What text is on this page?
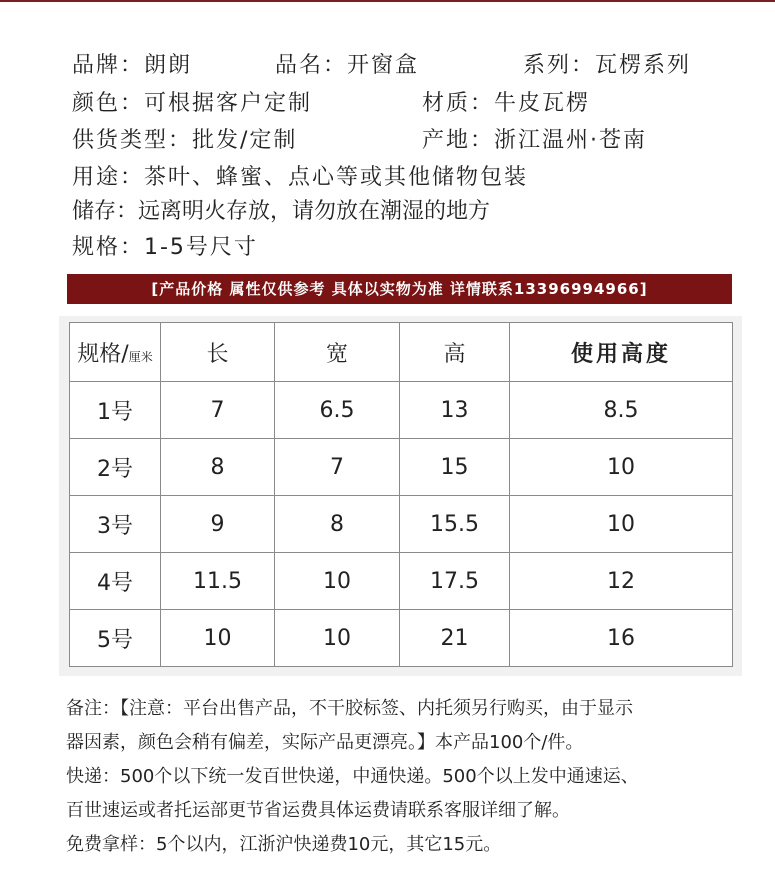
品牌：朗朗	品名：开窗盒	系列：瓦楞系列
颜色：可根据客户定制	材质：牛皮瓦楞
供货类型：批发/定制	产地：浙江温州·苍南
用途：茶叶、蜂蜜、点心等或其他储物包装
储存：远离明火存放，请勿放在潮湿的地方
规格：1-5号尺寸
[产品价格 属性仅供参考 具体以实物为准 详情联系13396994966]
规格/厘米	长	宽	高	使用高度
1号	7	6.5	13	8.5
2号	8	7	15	10
3号	9	8	15.5	10
4号	11.5	10	17.5	12
5号	10	10	21	16
备注：【注意：平台出售产品，不干胶标签、内托须另行购买，由于显示
器因素，颜色会稍有偏差，实际产品更漂亮。】本产品100个/件。
快递：500个以下统一发百世快递，中通快递。500个以上发中通速运、
百世速运或者托运部更节省运费具体运费请联系客服详细了解。
免费拿样：5个以内，江浙沪快递费10元，其它15元。
